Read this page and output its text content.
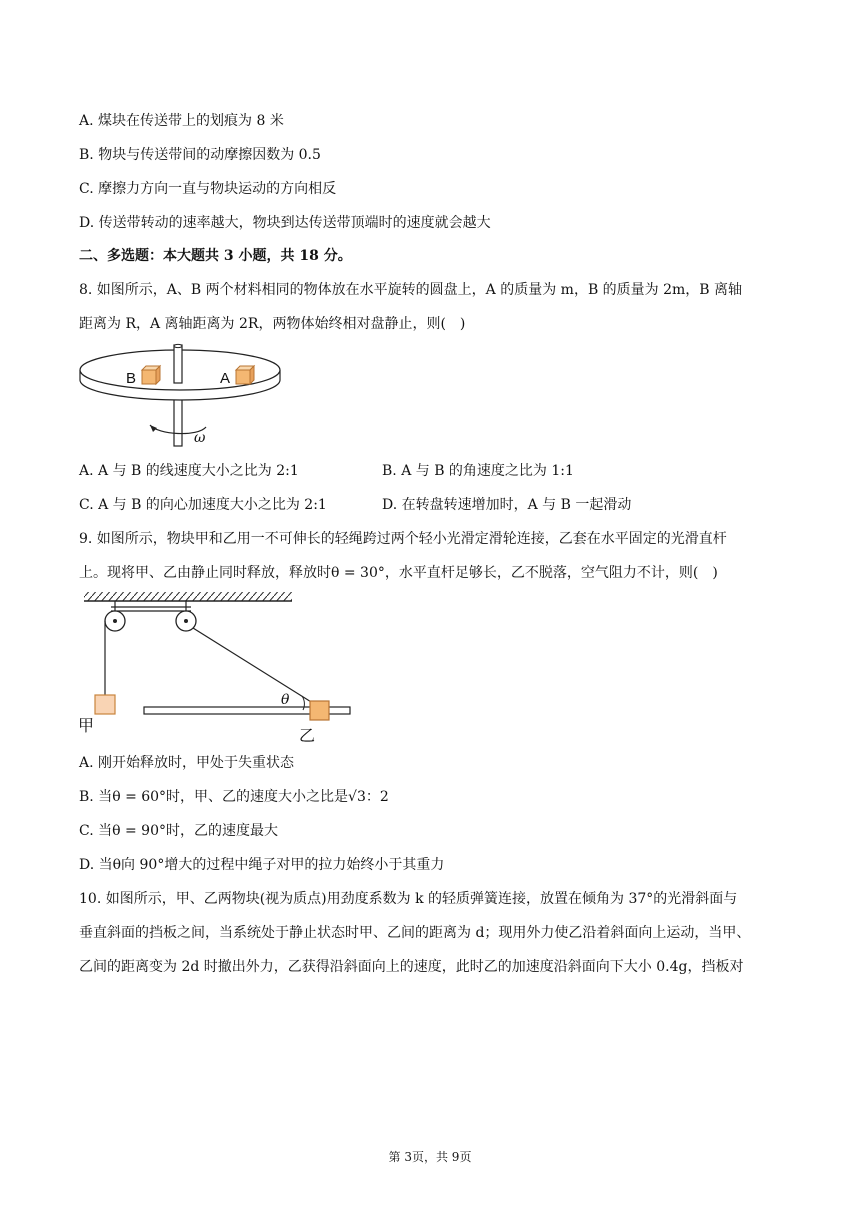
A. 煤块在传送带上的划痕为 8 米
B. 物块与传送带间的动摩擦因数为 0.5
C. 摩擦力方向一直与物块运动的方向相反
D. 传送带转动的速率越大，物块到达传送带顶端时的速度就会越大
二、多选题：本大题共 3 小题，共 18 分。
8. 如图所示，A、B 两个材料相同的物体放在水平旋转的圆盘上，A 的质量为 m，B 的质量为 2m，B 离轴
距离为 R，A 离轴距离为 2R，两物体始终相对盘静止，则(　)
B	A
ω
A. A 与 B 的线速度大小之比为 2:1	B. A 与 B 的角速度之比为 1:1
C. A 与 B 的向心加速度大小之比为 2:1	D. 在转盘转速增加时，A 与 B 一起滑动
9. 如图所示，物块甲和乙用一不可伸长的轻绳跨过两个轻小光滑定滑轮连接，乙套在水平固定的光滑直杆
上。现将甲、乙由静止同时释放，释放时θ = 30°，水平直杆足够长，乙不脱落，空气阻力不计，则(　)
θ
甲
乙
A. 刚开始释放时，甲处于失重状态
B. 当θ = 60°时，甲、乙的速度大小之比是√3：2
C. 当θ = 90°时，乙的速度最大
D. 当θ向 90°增大的过程中绳子对甲的拉力始终小于其重力
10. 如图所示，甲、乙两物块(视为质点)用劲度系数为 k 的轻质弹簧连接，放置在倾角为 37°的光滑斜面与
垂直斜面的挡板之间，当系统处于静止状态时甲、乙间的距离为 d；现用外力使乙沿着斜面向上运动，当甲、
乙间的距离变为 2d 时撤出外力，乙获得沿斜面向上的速度，此时乙的加速度沿斜面向下大小 0.4g，挡板对
第 3页，共 9页
